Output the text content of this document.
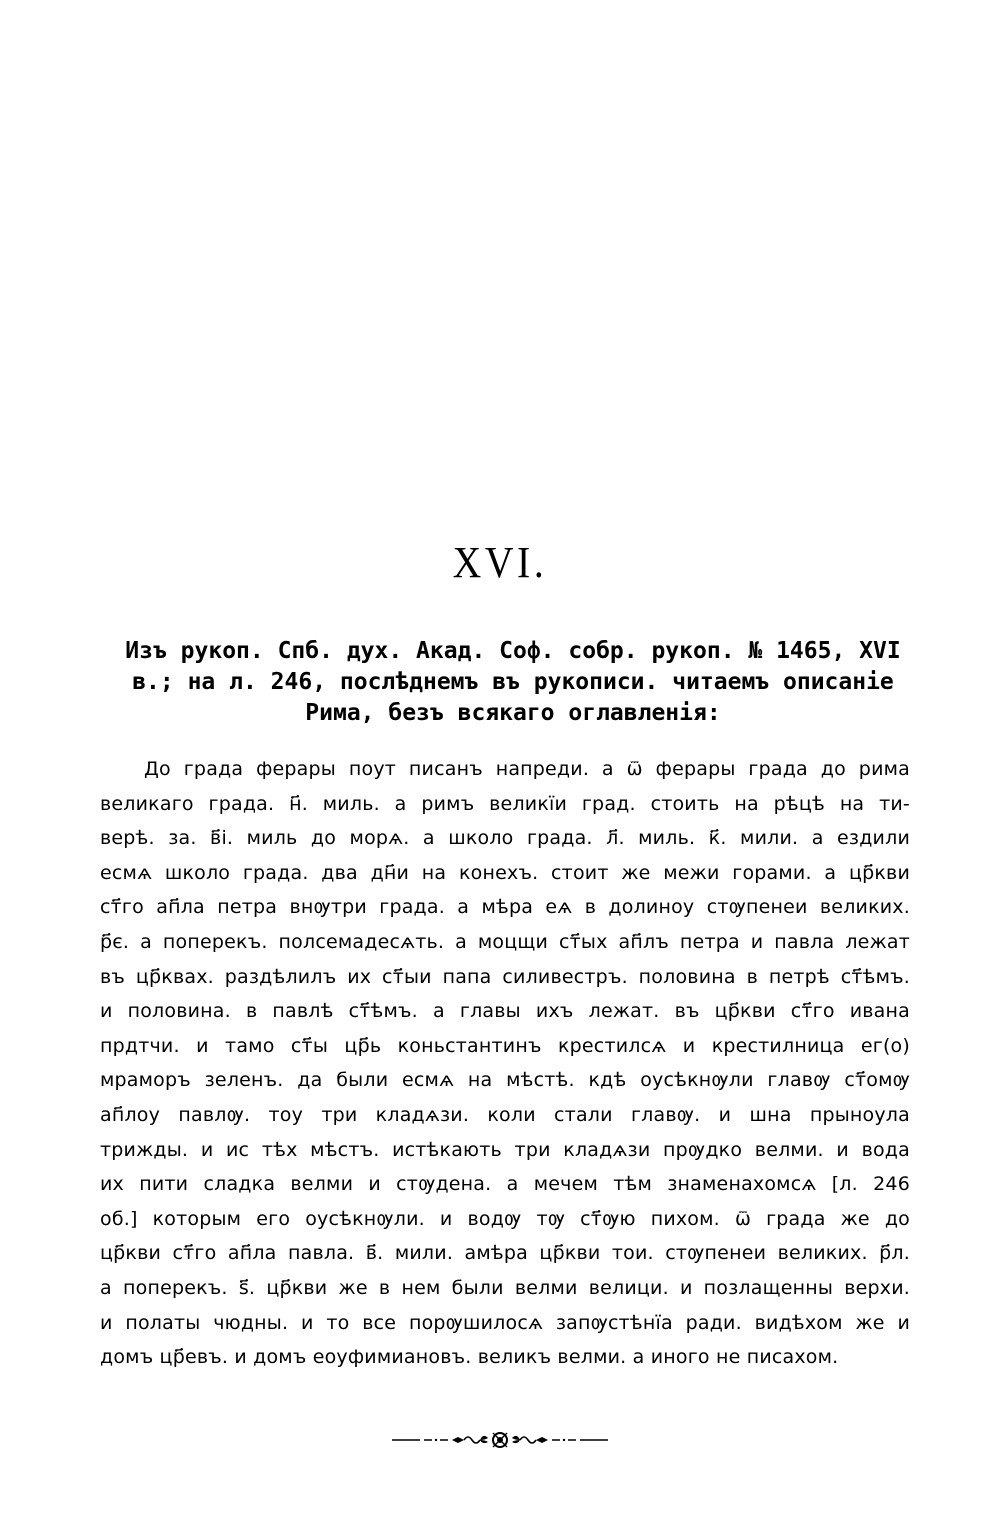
XVI.
Изъ рукоп. Спб. дух. Акад. Соф. собр. рукоп. № 1465, XVI
в.; на л. 246, послѣднемъ въ рукописи. читаемъ описаніе
Рима, безъ всякаго оглавленія:
До града ферары поут писанъ напреди. а ѿ ферары града до рима
великаго града. н҃. миль. а римъ великїи град. стоить на рѣцѣ на ти-
верѣ. за. в҃і. миль до морѧ. а школо града. л҃. миль. к҃. мили. а ездили
есмѧ школо града. два дн҃и на конехъ. стоит же межи горами. а цр҃кви
ст҃го ап҃ла петра внѹтри града. а мѣра еѧ в долиноу стѹпенеи великих.
р҃є. а поперекъ. полсемадесѧть. а моцщи ст҃ых ап҃лъ петра и павла лежат
въ цр҃квах. раздѣлилъ их ст҃ыи папа силивестръ. половина в петрѣ ст҃ѣмъ.
и половина. в павлѣ ст҃ѣмъ. а главы ихъ лежат. въ цр҃кви ст҃го ивана
прдтчи. и тамо ст҃ы цр҃ь коньстантинъ крестилсѧ и крестилница ег(о)
мраморъ зеленъ. да были есмѧ на мѣстѣ. кдѣ оусѣкнѹли главѹ ст҃омѹ
ап҃лоу павлѹ. тоу три кладѧзи. коли стали главѹ. и шна прыноула
трижды. и ис тѣх мѣстъ. истѣкають три кладѧзи прѹдко велми. и вода
их пити сладка велми и стѹдена. а мечем тѣм знаменахомсѧ [л. 246
об.] которым его оусѣкнѹли. и водѹ тѹ ст҃ѹю пихом. ѿ града же до
цр҃кви ст҃го ап҃ла павла. в҃. мили. амѣра цр҃кви тои. стѹпенеи великих. р҃л.
а поперекъ. ѕ҃. цр҃кви же в нем были велми велици. и позлащенны верхи.
и полаты чюдны. и то все порѹшилосѧ запѹстѣнїа ради. видѣхом же и
домъ цр҃евъ. и домъ еоуфимиановъ. великъ велми. а иного не писахом.
